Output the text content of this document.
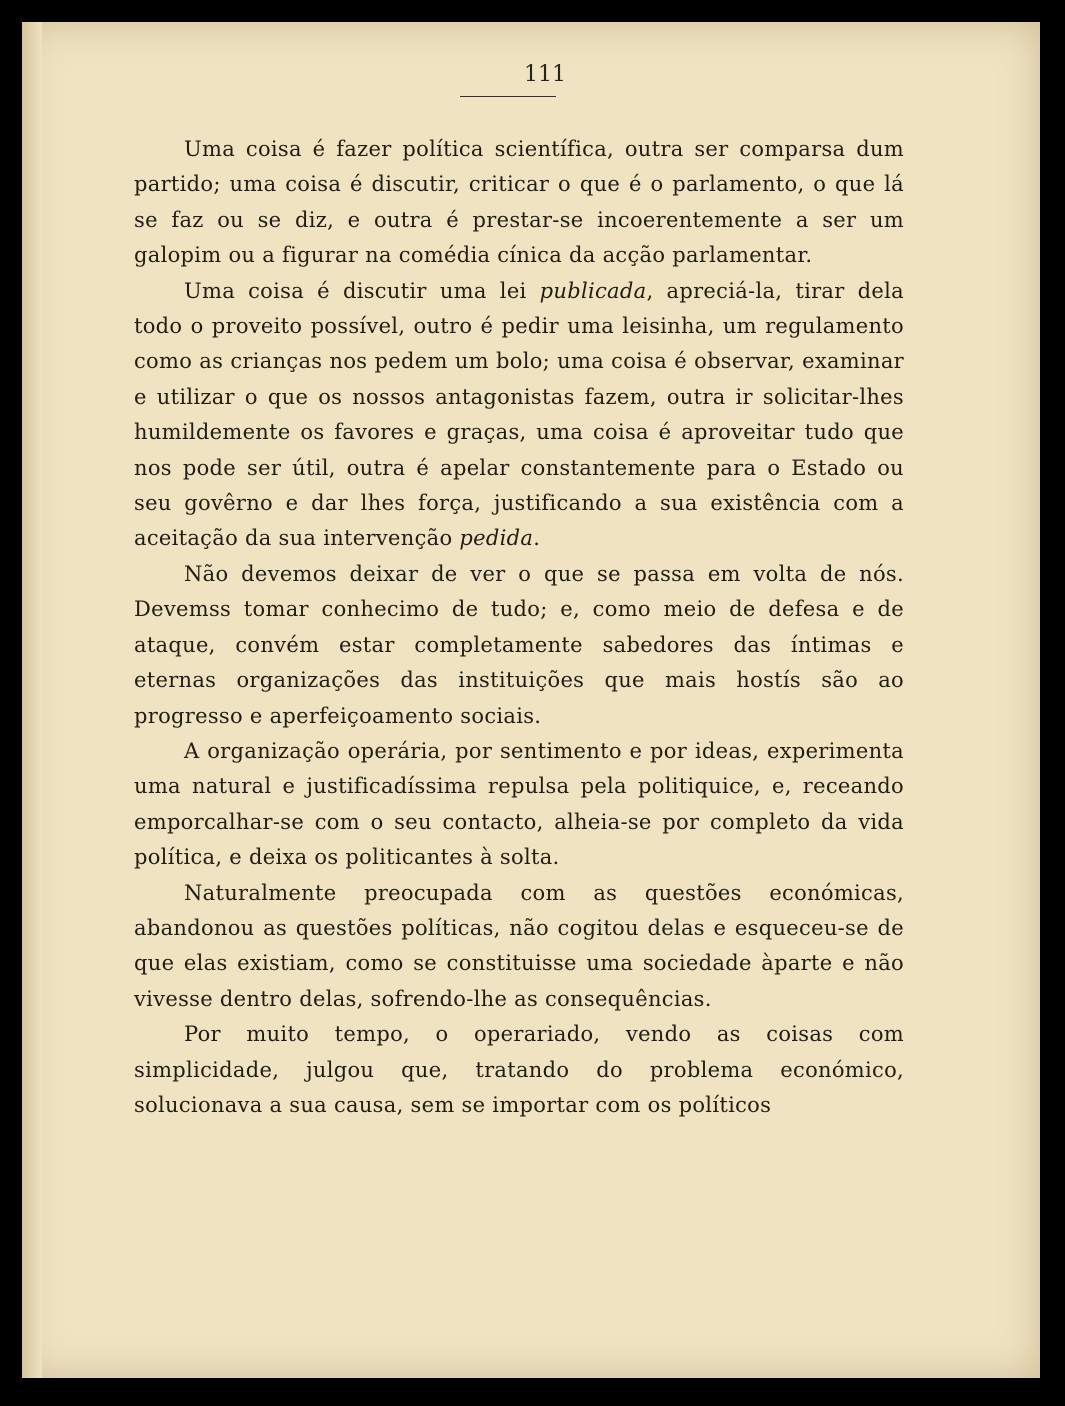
111

Uma coisa é fazer política scientífica, outra ser comparsa dum partido; uma coisa é discutir, criticar o que é o parlamento, o que lá se faz ou se diz, e outra é prestar-se incoerentemente a ser um galopim ou a figurar na comédia cínica da acção parlamentar.

Uma coisa é discutir uma lei publicada, apreciá-la, tirar dela todo o proveito possível, outro é pedir uma leisinha, um regulamento como as crianças nos pedem um bolo; uma coisa é observar, examinar e utilizar o que os nossos antagonistas fazem, outra ir solicitar-lhes humildemente os favores e graças, uma coisa é aproveitar tudo que nos pode ser útil, outra é apelar constantemente para o Estado ou seu govêrno e dar lhes força, justificando a sua existência com a aceitação da sua intervenção pedida.

Não devemos deixar de ver o que se passa em volta de nós. Devemss tomar conhecimo de tudo; e, como meio de defesa e de ataque, convém estar completamente sabedores das íntimas e eternas organizações das instituições que mais hostís são ao progresso e aperfeiçoamento sociais.

A organização operária, por sentimento e por ideas, experimenta uma natural e justificadíssima repulsa pela politiquice, e, receando emporcalhar-se com o seu contacto, alheia-se por completo da vida política, e deixa os politicantes à solta.

Naturalmente preocupada com as questões económicas, abandonou as questões políticas, não cogitou delas e esqueceu-se de que elas existiam, como se constituisse uma sociedade àparte e não vivesse dentro delas, sofrendo-lhe as consequências.

Por muito tempo, o operariado, vendo as coisas com simplicidade, julgou que, tratando do problema económico, solucionava a sua causa, sem se importar com os políticos
